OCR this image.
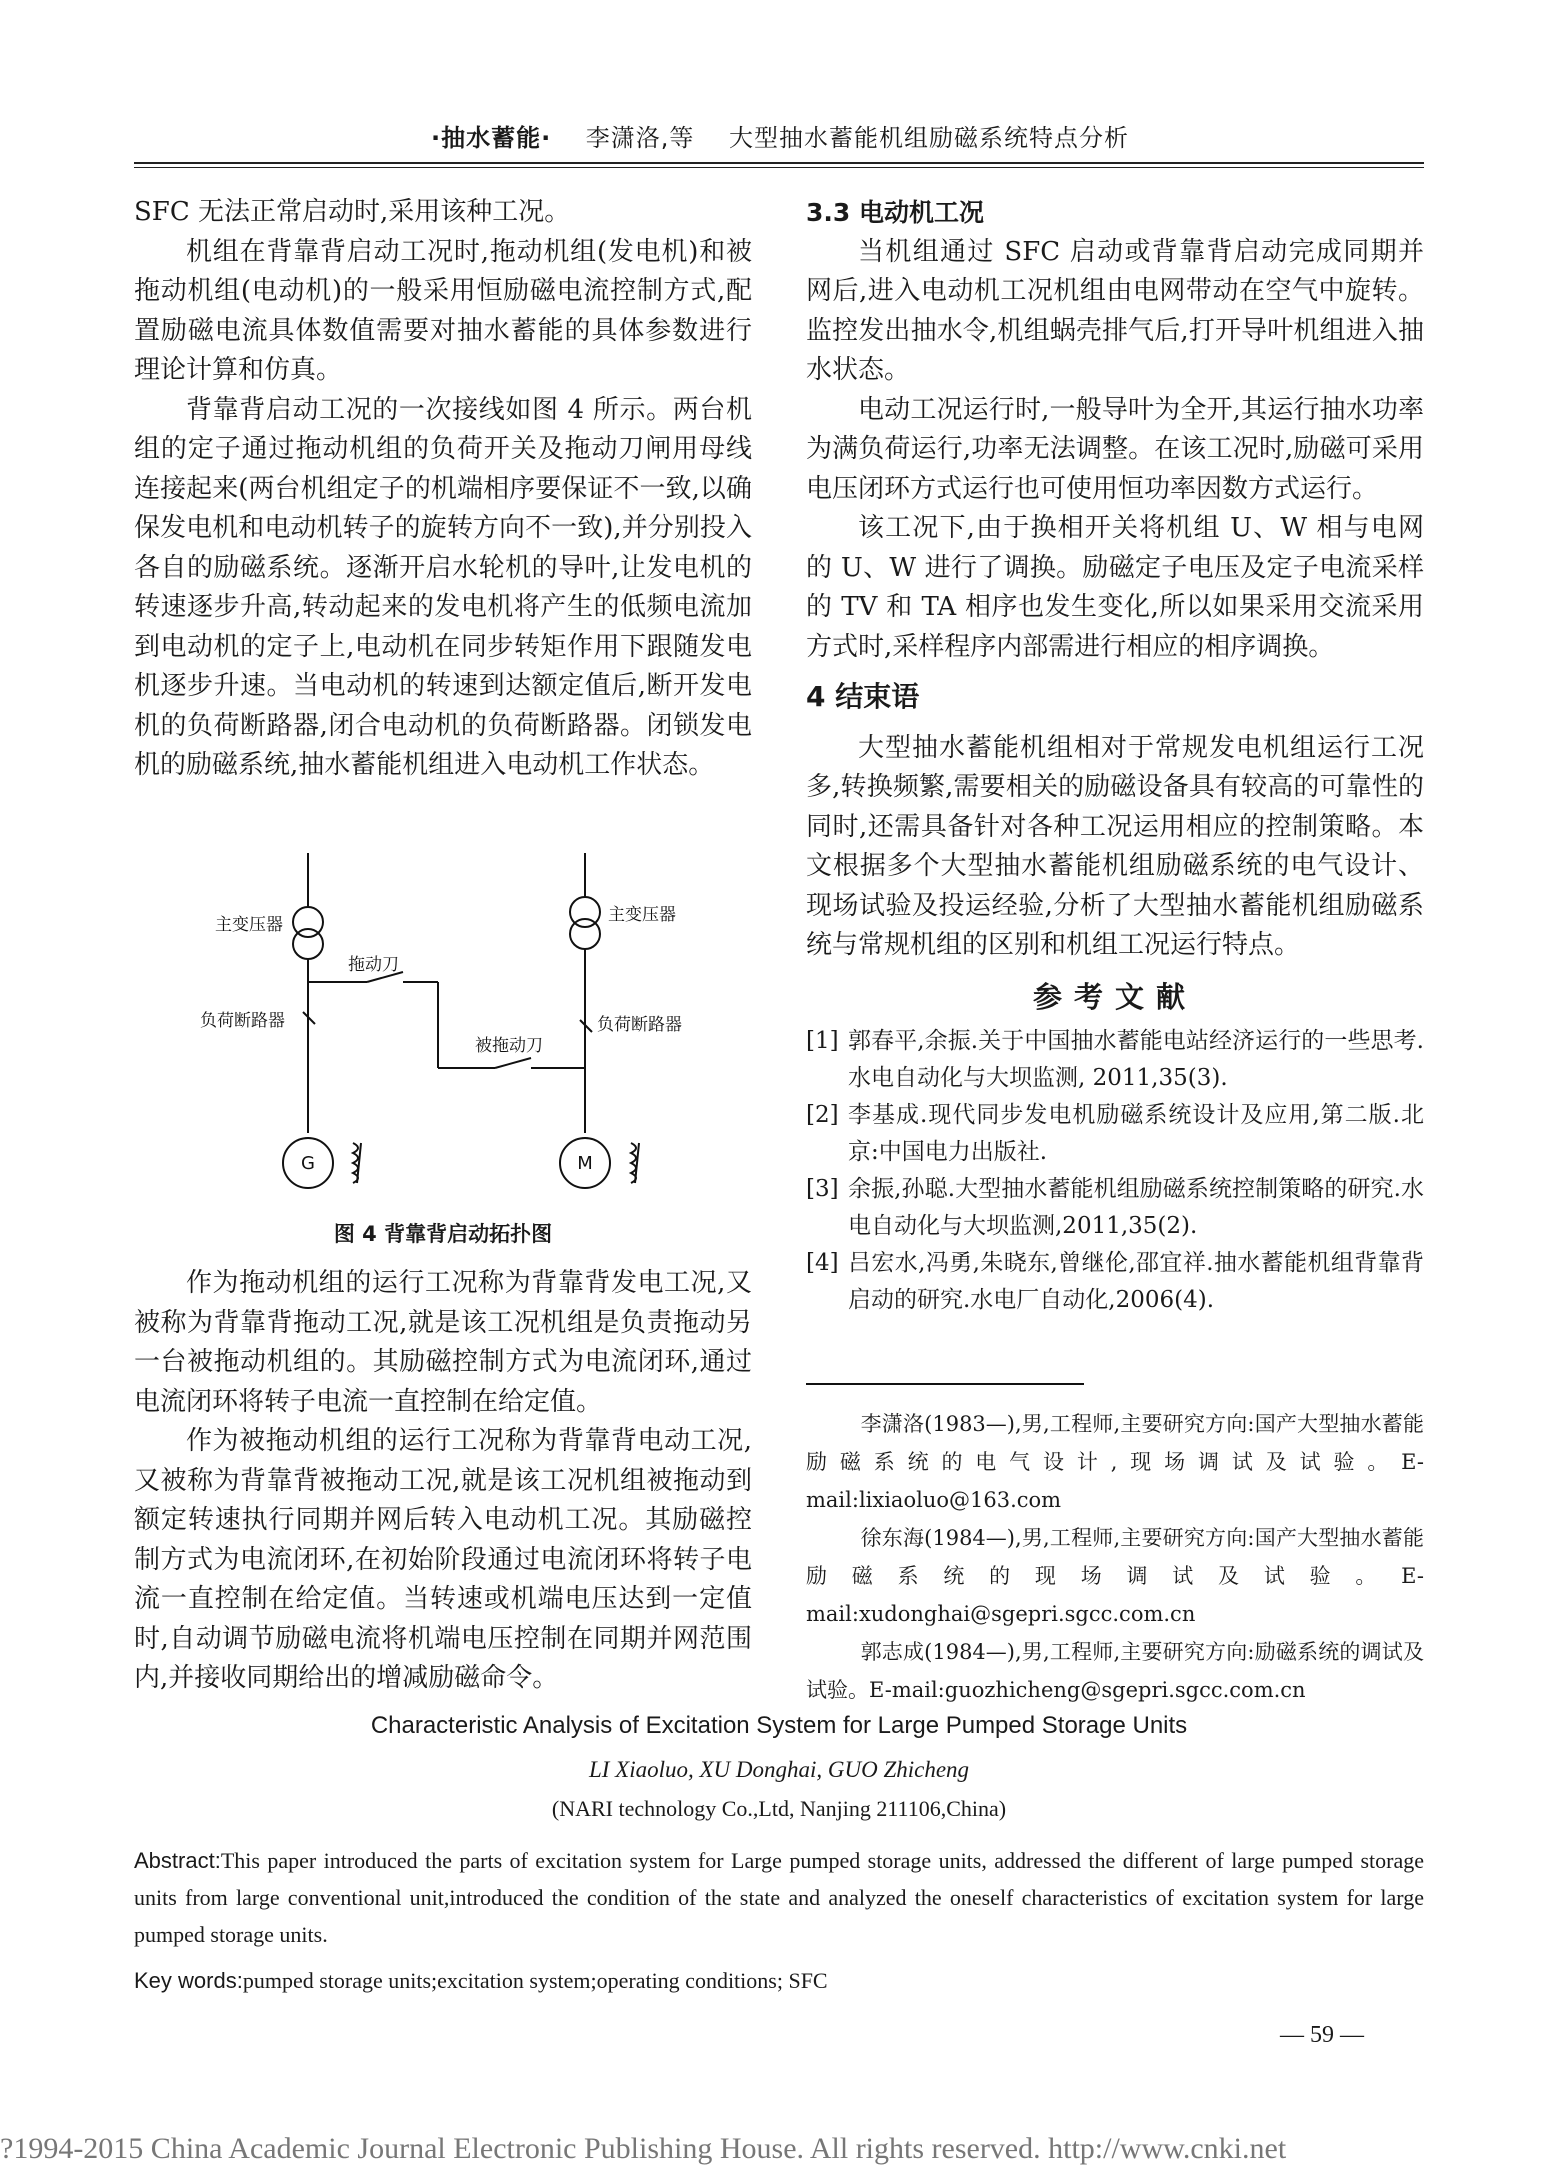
·抽水蓄能· 李潇洛,等 大型抽水蓄能机组励磁系统特点分析

SFC 无法正常启动时,采用该种工况。

机组在背靠背启动工况时,拖动机组(发电机)和被拖动机组(电动机)的一般采用恒励磁电流控制方式,配置励磁电流具体数值需要对抽水蓄能的具体参数进行理论计算和仿真。

背靠背启动工况的一次接线如图 4 所示。两台机组的定子通过拖动机组的负荷开关及拖动刀闸用母线连接起来(两台机组定子的机端相序要保证不一致,以确保发电机和电动机转子的旋转方向不一致),并分别投入各自的励磁系统。逐渐开启水轮机的导叶,让发电机的转速逐步升高,转动起来的发电机将产生的低频电流加到电动机的定子上,电动机在同步转矩作用下跟随发电机逐步升速。当电动机的转速到达额定值后,断开发电机的负荷断路器,闭合电动机的负荷断路器。闭锁发电机的励磁系统,抽水蓄能机组进入电动机工作状态。

主变压器	主变压器
拖动刀
负荷断路器	负荷断路器
被拖动刀
G	M
图 4 背靠背启动拓扑图

作为拖动机组的运行工况称为背靠背发电工况,又被称为背靠背拖动工况,就是该工况机组是负责拖动另一台被拖动机组的。其励磁控制方式为电流闭环,通过电流闭环将转子电流一直控制在给定值。

作为被拖动机组的运行工况称为背靠背电动工况,又被称为背靠背被拖动工况,就是该工况机组被拖动到额定转速执行同期并网后转入电动机工况。其励磁控制方式为电流闭环,在初始阶段通过电流闭环将转子电流一直控制在给定值。当转速或机端电压达到一定值时,自动调节励磁电流将机端电压控制在同期并网范围内,并接收同期给出的增减励磁命令。

3.3 电动机工况

当机组通过 SFC 启动或背靠背启动完成同期并网后,进入电动机工况机组由电网带动在空气中旋转。监控发出抽水令,机组蜗壳排气后,打开导叶机组进入抽水状态。

电动工况运行时,一般导叶为全开,其运行抽水功率为满负荷运行,功率无法调整。在该工况时,励磁可采用电压闭环方式运行也可使用恒功率因数方式运行。

该工况下,由于换相开关将机组 U、W 相与电网的 U、W 进行了调换。励磁定子电压及定子电流采样的 TV 和 TA 相序也发生变化,所以如果采用交流采用方式时,采样程序内部需进行相应的相序调换。

4 结束语

大型抽水蓄能机组相对于常规发电机组运行工况多,转换频繁,需要相关的励磁设备具有较高的可靠性的同时,还需具备针对各种工况运用相应的控制策略。本文根据多个大型抽水蓄能机组励磁系统的电气设计、现场试验及投运经验,分析了大型抽水蓄能机组励磁系统与常规机组的区别和机组工况运行特点。

参考文献
[1] 郭春平,余振.关于中国抽水蓄能电站经济运行的一些思考. 水电自动化与大坝监测, 2011,35(3).
[2] 李基成.现代同步发电机励磁系统设计及应用,第二版.北京:中国电力出版社.
[3] 余振,孙聪.大型抽水蓄能机组励磁系统控制策略的研究.水电自动化与大坝监测,2011,35(2).
[4] 吕宏水,冯勇,朱晓东,曾继伦,邵宜祥.抽水蓄能机组背靠背启动的研究.水电厂自动化,2006(4).

李潇洛(1983—),男,工程师,主要研究方向:国产大型抽水蓄能励磁系统的电气设计,现场调试及试验。E-mail:lixiaoluo@163.com

徐东海(1984—),男,工程师,主要研究方向:国产大型抽水蓄能励磁系统的现场调试及试验。E-mail:xudonghai@sgepri.sgcc.com.cn

郭志成(1984—),男,工程师,主要研究方向:励磁系统的调试及试验。E-mail:guozhicheng@sgepri.sgcc.com.cn

Characteristic Analysis of Excitation System for Large Pumped Storage Units
LI Xiaoluo, XU Donghai, GUO Zhicheng
(NARI technology Co.,Ltd, Nanjing 211106,China)
Abstract:This paper introduced the parts of excitation system for Large pumped storage units, addressed the different of large pumped storage units from large conventional unit,introduced the condition of the state and analyzed the oneself characteristics of excitation system for large pumped storage units.
Key words:pumped storage units;excitation system;operating conditions; SFC
— 59 —
?1994-2015 China Academic Journal Electronic Publishing House. All rights reserved. http://www.cnki.net
